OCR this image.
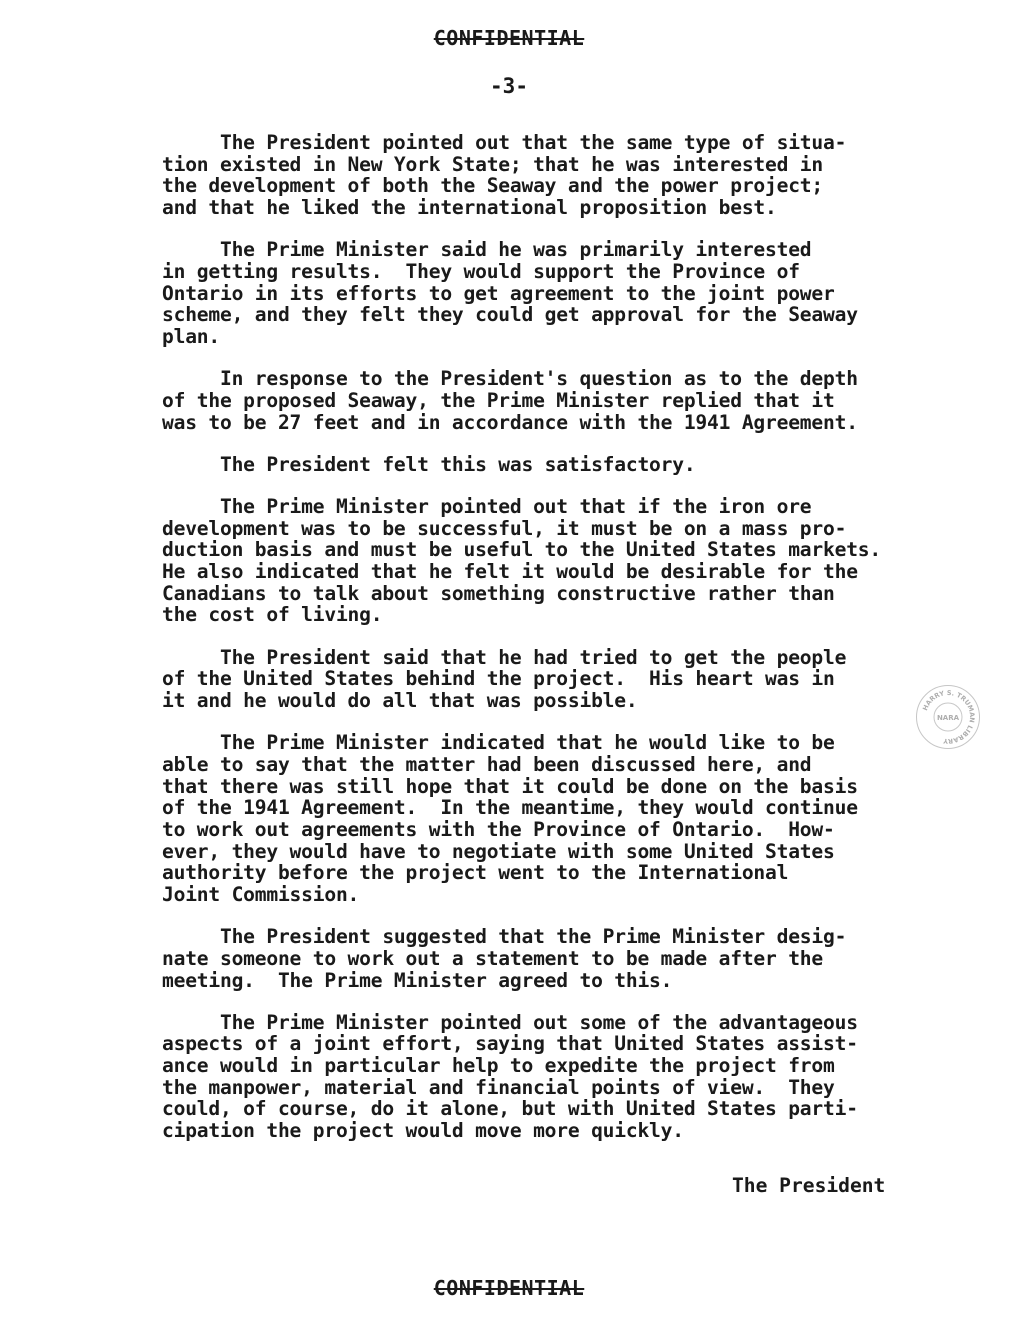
CONFIDENTIAL
-3-
The President pointed out that the same type of situa-
tion existed in New York State; that he was interested in
the development of both the Seaway and the power project;
and that he liked the international proposition best.
The Prime Minister said he was primarily interested
in getting results.  They would support the Province of
Ontario in its efforts to get agreement to the joint power
scheme, and they felt they could get approval for the Seaway
plan.
In response to the President's question as to the depth
of the proposed Seaway, the Prime Minister replied that it
was to be 27 feet and in accordance with the 1941 Agreement.
The President felt this was satisfactory.
The Prime Minister pointed out that if the iron ore
development was to be successful, it must be on a mass pro-
duction basis and must be useful to the United States markets.
He also indicated that he felt it would be desirable for the
Canadians to talk about something constructive rather than
the cost of living.
The President said that he had tried to get the people
of the United States behind the project.  His heart was in
it and he would do all that was possible.
The Prime Minister indicated that he would like to be
able to say that the matter had been discussed here, and
that there was still hope that it could be done on the basis
of the 1941 Agreement.  In the meantime, they would continue
to work out agreements with the Province of Ontario.  How-
ever, they would have to negotiate with some United States
authority before the project went to the International
Joint Commission.
The President suggested that the Prime Minister desig-
nate someone to work out a statement to be made after the
meeting.  The Prime Minister agreed to this.
The Prime Minister pointed out some of the advantageous
aspects of a joint effort, saying that United States assist-
ance would in particular help to expedite the project from
the manpower, material and financial points of view.  They
could, of course, do it alone, but with United States parti-
cipation the project would move more quickly.
HARRY S. TRUMAN LIBRARY
NARA
The President
CONFIDENTIAL
